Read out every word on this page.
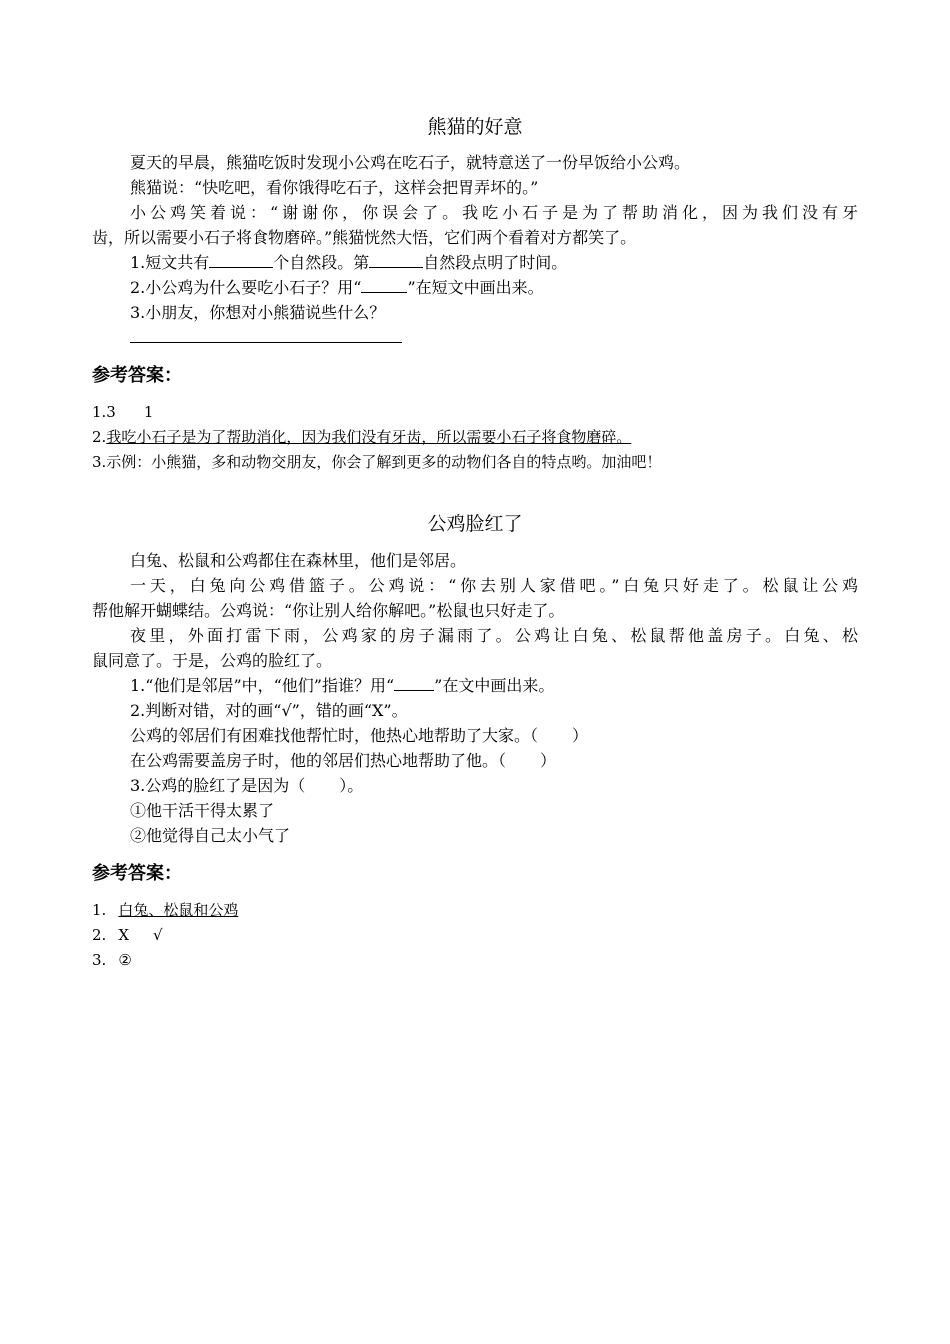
熊猫的好意
夏天的早晨，熊猫吃饭时发现小公鸡在吃石子，就特意送了一份早饭给小公鸡。
熊猫说：“快吃吧，看你饿得吃石子，这样会把胃弄坏的。”
小公鸡笑着说：“谢谢你，你误会了。我吃小石子是为了帮助消化，因为我们没有牙
齿，所以需要小石子将食物磨碎。”熊猫恍然大悟，它们两个看着对方都笑了。
1.短文共有	个自然段。第	自然段点明了时间。
2.小公鸡为什么要吃小石子？用“	”在短文中画出来。
3.小朋友，你想对小熊猫说些什么？
参考答案：
1.3 1
2.我吃小石子是为了帮助消化，因为我们没有牙齿，所以需要小石子将食物磨碎。
3.示例：小熊猫，多和动物交朋友，你会了解到更多的动物们各自的特点哟。加油吧！
公鸡脸红了
白兔、松鼠和公鸡都住在森林里，他们是邻居。
一天，白兔向公鸡借篮子。公鸡说：“你去别人家借吧。”白兔只好走了。松鼠让公鸡
帮他解开蝴蝶结。公鸡说：“你让别人给你解吧。”松鼠也只好走了。
夜里，外面打雷下雨，公鸡家的房子漏雨了。公鸡让白兔、松鼠帮他盖房子。白兔、松
鼠同意了。于是，公鸡的脸红了。
1.“他们是邻居”中，“他们”指谁？用“	”在文中画出来。
2.判断对错，对的画“√”，错的画“X”。
公鸡的邻居们有困难找他帮忙时，他热心地帮助了大家。（ ）
在公鸡需要盖房子时，他的邻居们热心地帮助了他。（ ）
3.公鸡的脸红了是因为（ ）。
①他干活干得太累了
②他觉得自己太小气了
参考答案：
1. 白兔、松鼠和公鸡
2. X √
3. ②
